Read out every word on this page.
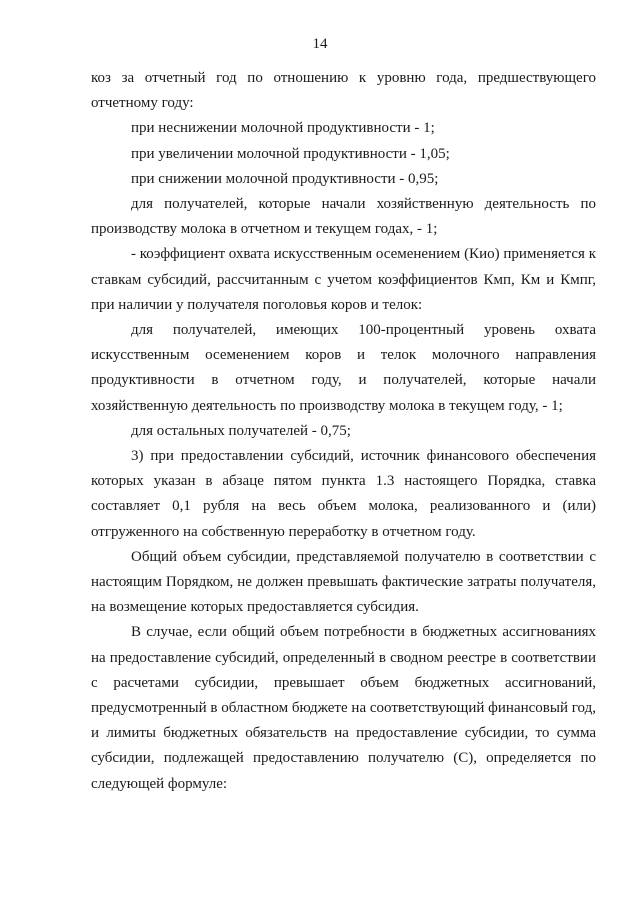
14

коз за отчетный год по отношению к уровню года, предшествующего отчетному году:

при неснижении молочной продуктивности - 1;

при увеличении молочной продуктивности - 1,05;

при снижении молочной продуктивности - 0,95;

для получателей, которые начали хозяйственную деятельность по производству молока в отчетном и текущем годах, - 1;

- коэффициент охвата искусственным осеменением (Кио) применяется к ставкам субсидий, рассчитанным с учетом коэффициентов Кмп, Км и Кмпг, при наличии у получателя поголовья коров и телок:

для получателей, имеющих 100-процентный уровень охвата искусственным осеменением коров и телок молочного направления продуктивности в отчетном году, и получателей, которые начали хозяйственную деятельность по производству молока в текущем году, - 1;

для остальных получателей - 0,75;

3) при предоставлении субсидий, источник финансового обеспечения которых указан в абзаце пятом пункта 1.3 настоящего Порядка, ставка составляет 0,1 рубля на весь объем молока, реализованного и (или) отгруженного на собственную переработку в отчетном году.

Общий объем субсидии, представляемой получателю в соответствии с настоящим Порядком, не должен превышать фактические затраты получателя, на возмещение которых предоставляется субсидия.

В случае, если общий объем потребности в бюджетных ассигнованиях на предоставление субсидий, определенный в сводном реестре в соответствии с расчетами субсидии, превышает объем бюджетных ассигнований, предусмотренный в областном бюджете на соответствующий финансовый год, и лимиты бюджетных обязательств на предоставление субсидии, то сумма субсидии, подлежащей предоставлению получателю (С), определяется по следующей формуле:
